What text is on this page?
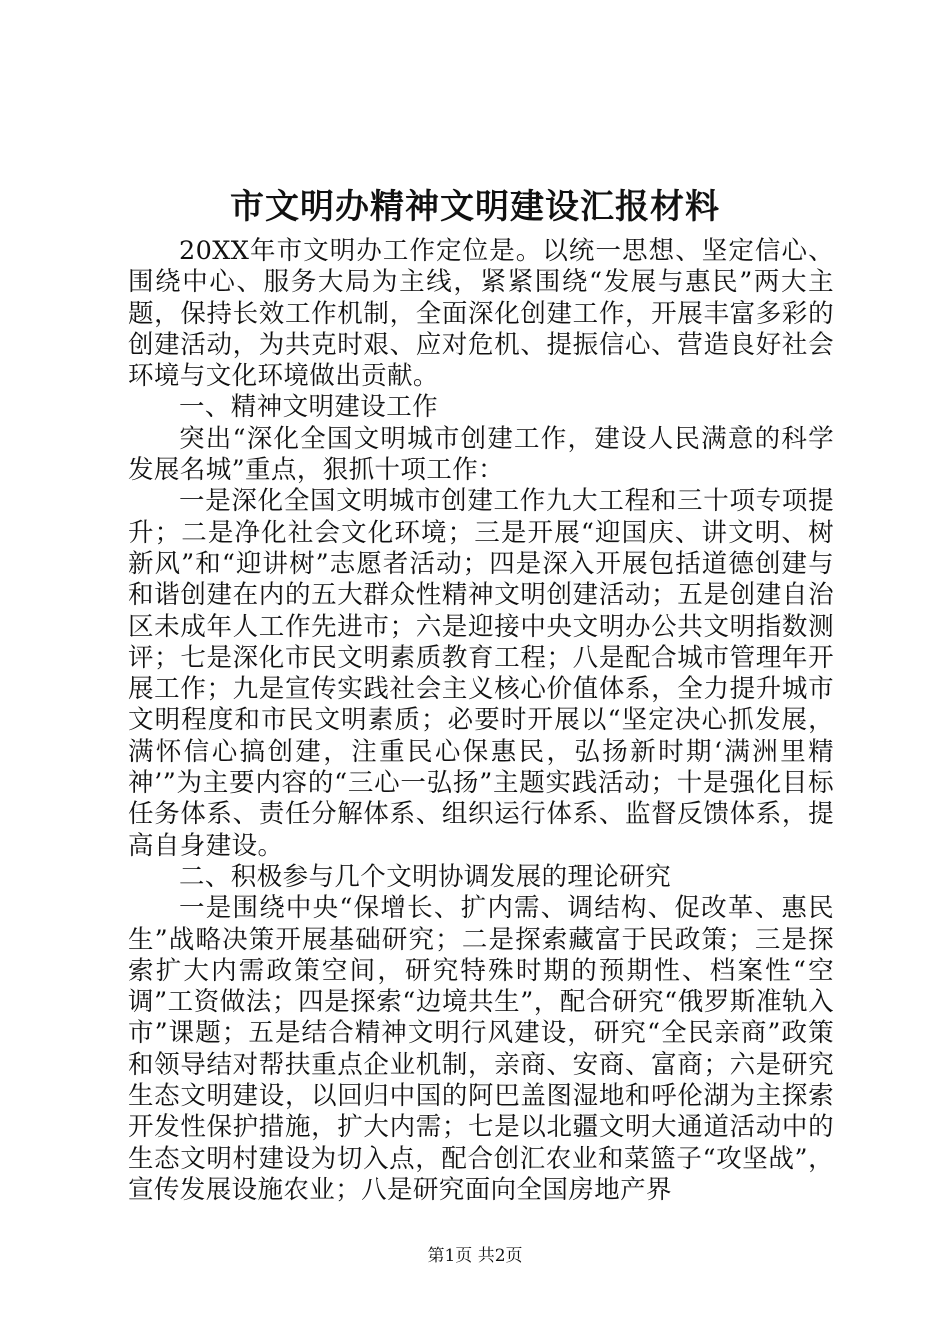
市文明办精神文明建设汇报材料

20XX年市文明办工作定位是。以统一思想、坚定信心、围绕中心、服务大局为主线，紧紧围绕“发展与惠民”两大主题，保持长效工作机制，全面深化创建工作，开展丰富多彩的创建活动，为共克时艰、应对危机、提振信心、营造良好社会环境与文化环境做出贡献。

一、精神文明建设工作

突出“深化全国文明城市创建工作，建设人民满意的科学发展名城”重点，狠抓十项工作：

一是深化全国文明城市创建工作九大工程和三十项专项提升；二是净化社会文化环境；三是开展“迎国庆、讲文明、树新风”和“迎讲树”志愿者活动；四是深入开展包括道德创建与和谐创建在内的五大群众性精神文明创建活动；五是创建自治区未成年人工作先进市；六是迎接中央文明办公共文明指数测评；七是深化市民文明素质教育工程；八是配合城市管理年开展工作；九是宣传实践社会主义核心价值体系，全力提升城市文明程度和市民文明素质；必要时开展以“坚定决心抓发展，满怀信心搞创建，注重民心保惠民，弘扬新时期‘满洲里精神’”为主要内容的“三心一弘扬”主题实践活动；十是强化目标任务体系、责任分解体系、组织运行体系、监督反馈体系，提高自身建设。

二、积极参与几个文明协调发展的理论研究

一是围绕中央“保增长、扩内需、调结构、促改革、惠民生”战略决策开展基础研究；二是探索藏富于民政策；三是探索扩大内需政策空间，研究特殊时期的预期性、档案性“空调”工资做法；四是探索“边境共生”，配合研究“俄罗斯准轨入市”课题；五是结合精神文明行风建设，研究“全民亲商”政策和领导结对帮扶重点企业机制，亲商、安商、富商；六是研究生态文明建设，以回归中国的阿巴盖图湿地和呼伦湖为主探索开发性保护措施，扩大内需；七是以北疆文明大通道活动中的生态文明村建设为切入点，配合创汇农业和菜篮子“攻坚战”，宣传发展设施农业；八是研究面向全国房地产界

第1页 共2页
